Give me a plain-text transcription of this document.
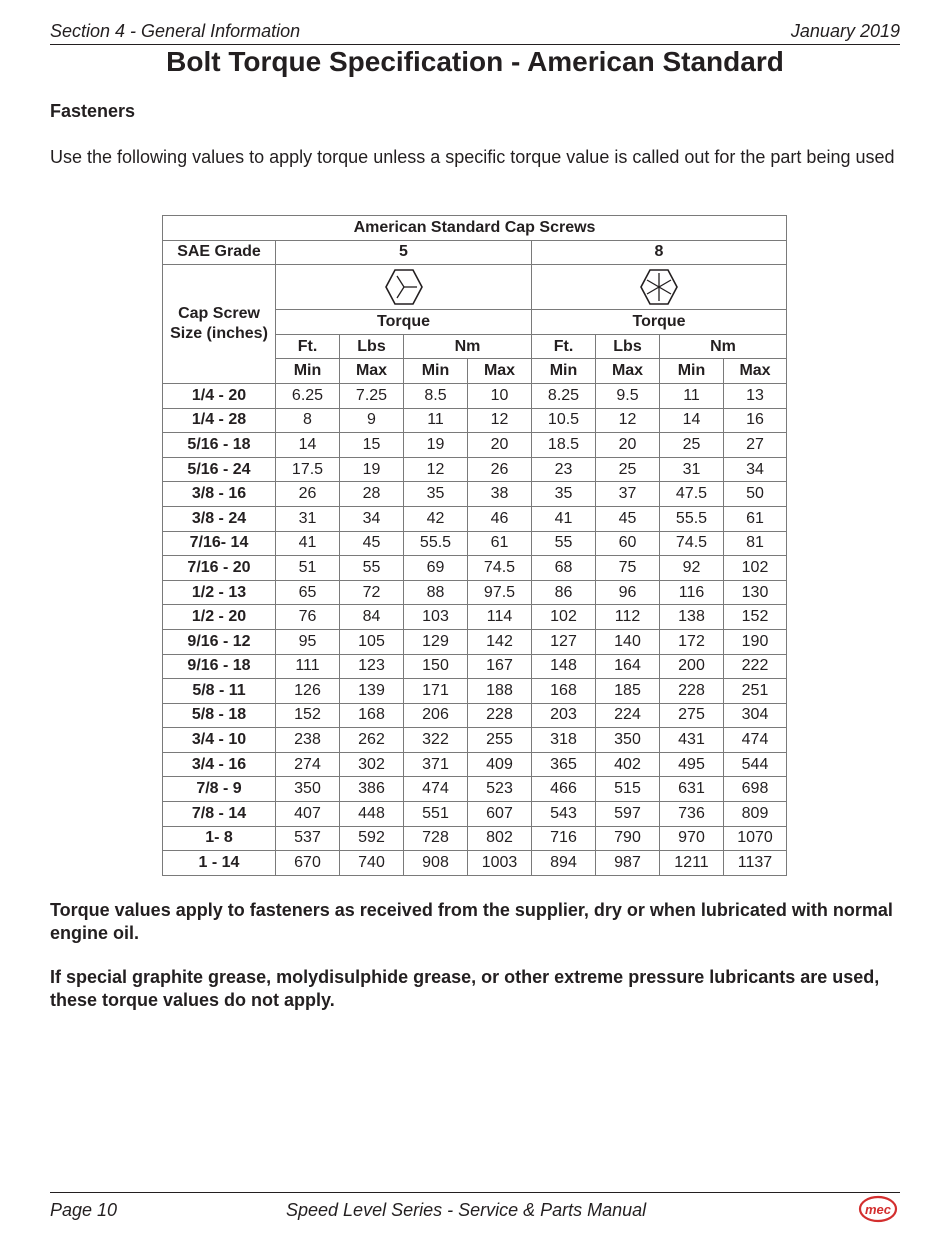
Section 4 - General Information	January 2019
Bolt Torque Specification - American Standard
Fasteners
Use the following values to apply torque unless a specific torque value is called out for the part being used
American Standard Cap Screws								
SAE Grade	5				8			
Cap Screw Size (inches)	

	Torque				Torque			
	Ft.	Lbs	Nm		Ft.	Lbs	Nm	
	Min	Max	Min	Max	Min	Max	Min	Max
1/4 - 20	6.25	7.25	8.5	10	8.25	9.5	11	13
1/4 - 28	8	9	11	12	10.5	12	14	16
5/16 - 18	14	15	19	20	18.5	20	25	27
5/16 - 24	17.5	19	12	26	23	25	31	34
3/8 - 16	26	28	35	38	35	37	47.5	50
3/8 - 24	31	34	42	46	41	45	55.5	61
7/16- 14	41	45	55.5	61	55	60	74.5	81
7/16 - 20	51	55	69	74.5	68	75	92	102
1/2 - 13	65	72	88	97.5	86	96	116	130
1/2 - 20	76	84	103	114	102	112	138	152
9/16 - 12	95	105	129	142	127	140	172	190
9/16 - 18	111	123	150	167	148	164	200	222
5/8 - 11	126	139	171	188	168	185	228	251
5/8 - 18	152	168	206	228	203	224	275	304
3/4 - 10	238	262	322	255	318	350	431	474
3/4 - 16	274	302	371	409	365	402	495	544
7/8 - 9	350	386	474	523	466	515	631	698
7/8 - 14	407	448	551	607	543	597	736	809
1- 8	537	592	728	802	716	790	970	1070
1 - 14	670	740	908	1003	894	987	1211	1137
Torque values apply to fasteners as received from the supplier, dry or when lubricated with normal engine oil.
If special graphite grease, molydisulphide grease, or other extreme pressure lubricants are used, these torque values do not apply.
Page 10	Speed Level Series - Service & Parts Manual	mec
